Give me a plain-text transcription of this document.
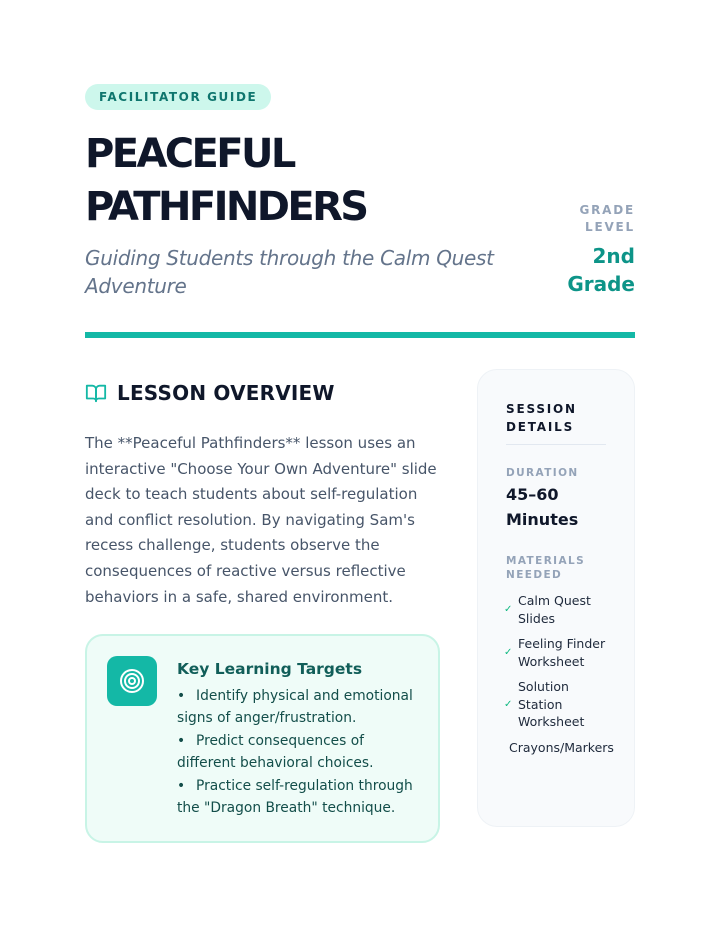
FACILITATOR GUIDE
PEACEFUL
PATHFINDERS
Guiding Students through the Calm Quest
Adventure
GRADE
LEVEL
2nd
Grade
LESSON OVERVIEW

The **Peaceful Pathfinders** lesson uses an interactive "Choose Your Own Adventure" slide deck to teach students about self-regulation and conflict resolution. By navigating Sam's recess challenge, students observe the consequences of reactive versus reflective behaviors in a safe, shared environment.

Key Learning Targets
• Identify physical and emotional signs of anger/frustration.
• Predict consequences of different behavioral choices.
• Practice self-regulation through the "Dragon Breath" technique.
SESSION
DETAILS
DURATION
45–60
Minutes
MATERIALS
NEEDED
✓
Calm Quest
Slides
✓
Feeling Finder
Worksheet
✓
Solution
Station
Worksheet
Crayons/Markers
